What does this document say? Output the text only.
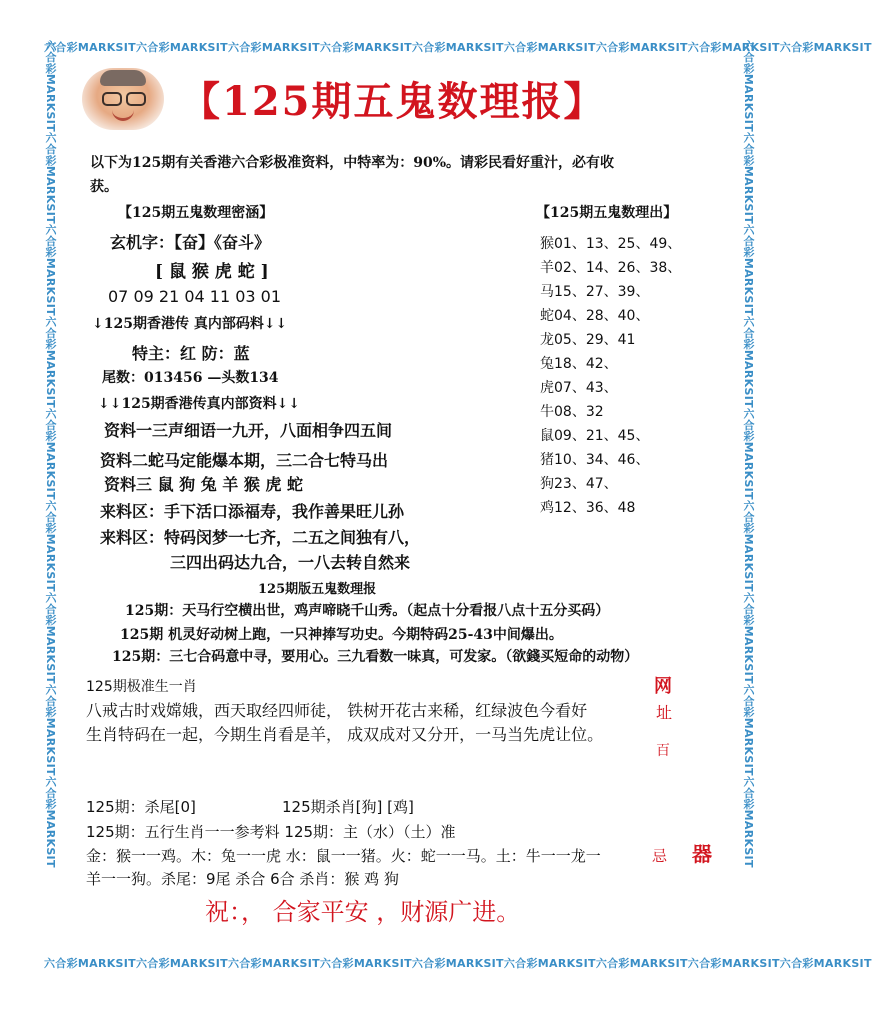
六合彩MARKSIT六合彩MARKSIT六合彩MARKSIT六合彩MARKSIT六合彩MARKSIT六合彩MARKSIT六合彩MARKSIT六合彩MARKSIT六合彩MARKSIT
六合彩MARKSIT六合彩MARKSIT六合彩MARKSIT六合彩MARKSIT六合彩MARKSIT六合彩MARKSIT六合彩MARKSIT六合彩MARKSIT六合彩MARKSIT
六合彩MARKSIT六合彩MARKSIT六合彩MARKSIT六合彩MARKSIT六合彩MARKSIT六合彩MARKSIT六合彩MARKSIT六合彩MARKSIT六合彩MARKSIT	六合彩MARKSIT六合彩MARKSIT六合彩MARKSIT六合彩MARKSIT六合彩MARKSIT六合彩MARKSIT六合彩MARKSIT六合彩MARKSIT六合彩MARKSIT
【125期五鬼数理报】
以下为125期有关香港六合彩极准资料，中特率为：90%。请彩民看好重汁，必有收
获。
【125期五鬼数理密涵】
玄机字：【奋】《奋斗》
[ 鼠 猴 虎 蛇 ]
07 09 21 04 11 03 01
↓125期香港传 真内部码料↓↓
特主：红 防：蓝
尾数：013456 —头数134
↓↓125期香港传真内部资料↓↓
资料一三声细语一九开，八面相争四五间
资料二蛇马定能爆本期，三二合七特马出
资料三 鼠 狗 兔 羊 猴 虎 蛇
来料区：手下活口添福寿，我作善果旺儿孙
来料区：特码闵梦一七齐，二五之间独有八，
三四出码达九合，一八去转自然来
125期版五鬼数理报
【125期五鬼数理出】
猴01、13、25、49、
羊02、14、26、38、
马15、27、39、
蛇04、28、40、
龙05、29、41
兔18、42、
虎07、43、
牛08、32
鼠09、21、45、
猪10、34、46、
狗23、47、
鸡12、36、48
125期：天马行空横出世，鸡声啼晓千山秀。（起点十分看报八点十五分买码）
125期 机灵好动树上跑，一只神捧写功史。今期特码25-43中间爆出。
125期：三七合码意中寻，要用心。三九看数一味真，可发家。（欲錢买短命的动物）
125期极准生一肖
八戒古时戏嫦娥，西天取经四师徒， 铁树开花古来稀，红绿波色今看好
生肖特码在一起，今期生肖看是羊， 成双成对又分开，一马当先虎让位。
125期：杀尾[0]	125期杀肖[狗] [鸡]
125期：五行生肖一一参考料 125期：主（水）（土）准
金：猴一一鸡。木：兔一一虎 水：鼠一一猪。火：蛇一一马。土：牛一一龙一
羊一一狗。杀尾：9尾 杀合 6合 杀肖：猴 鸡 狗
祝：， 合家平安 ，财源广进。
网
址
百
忌 器
